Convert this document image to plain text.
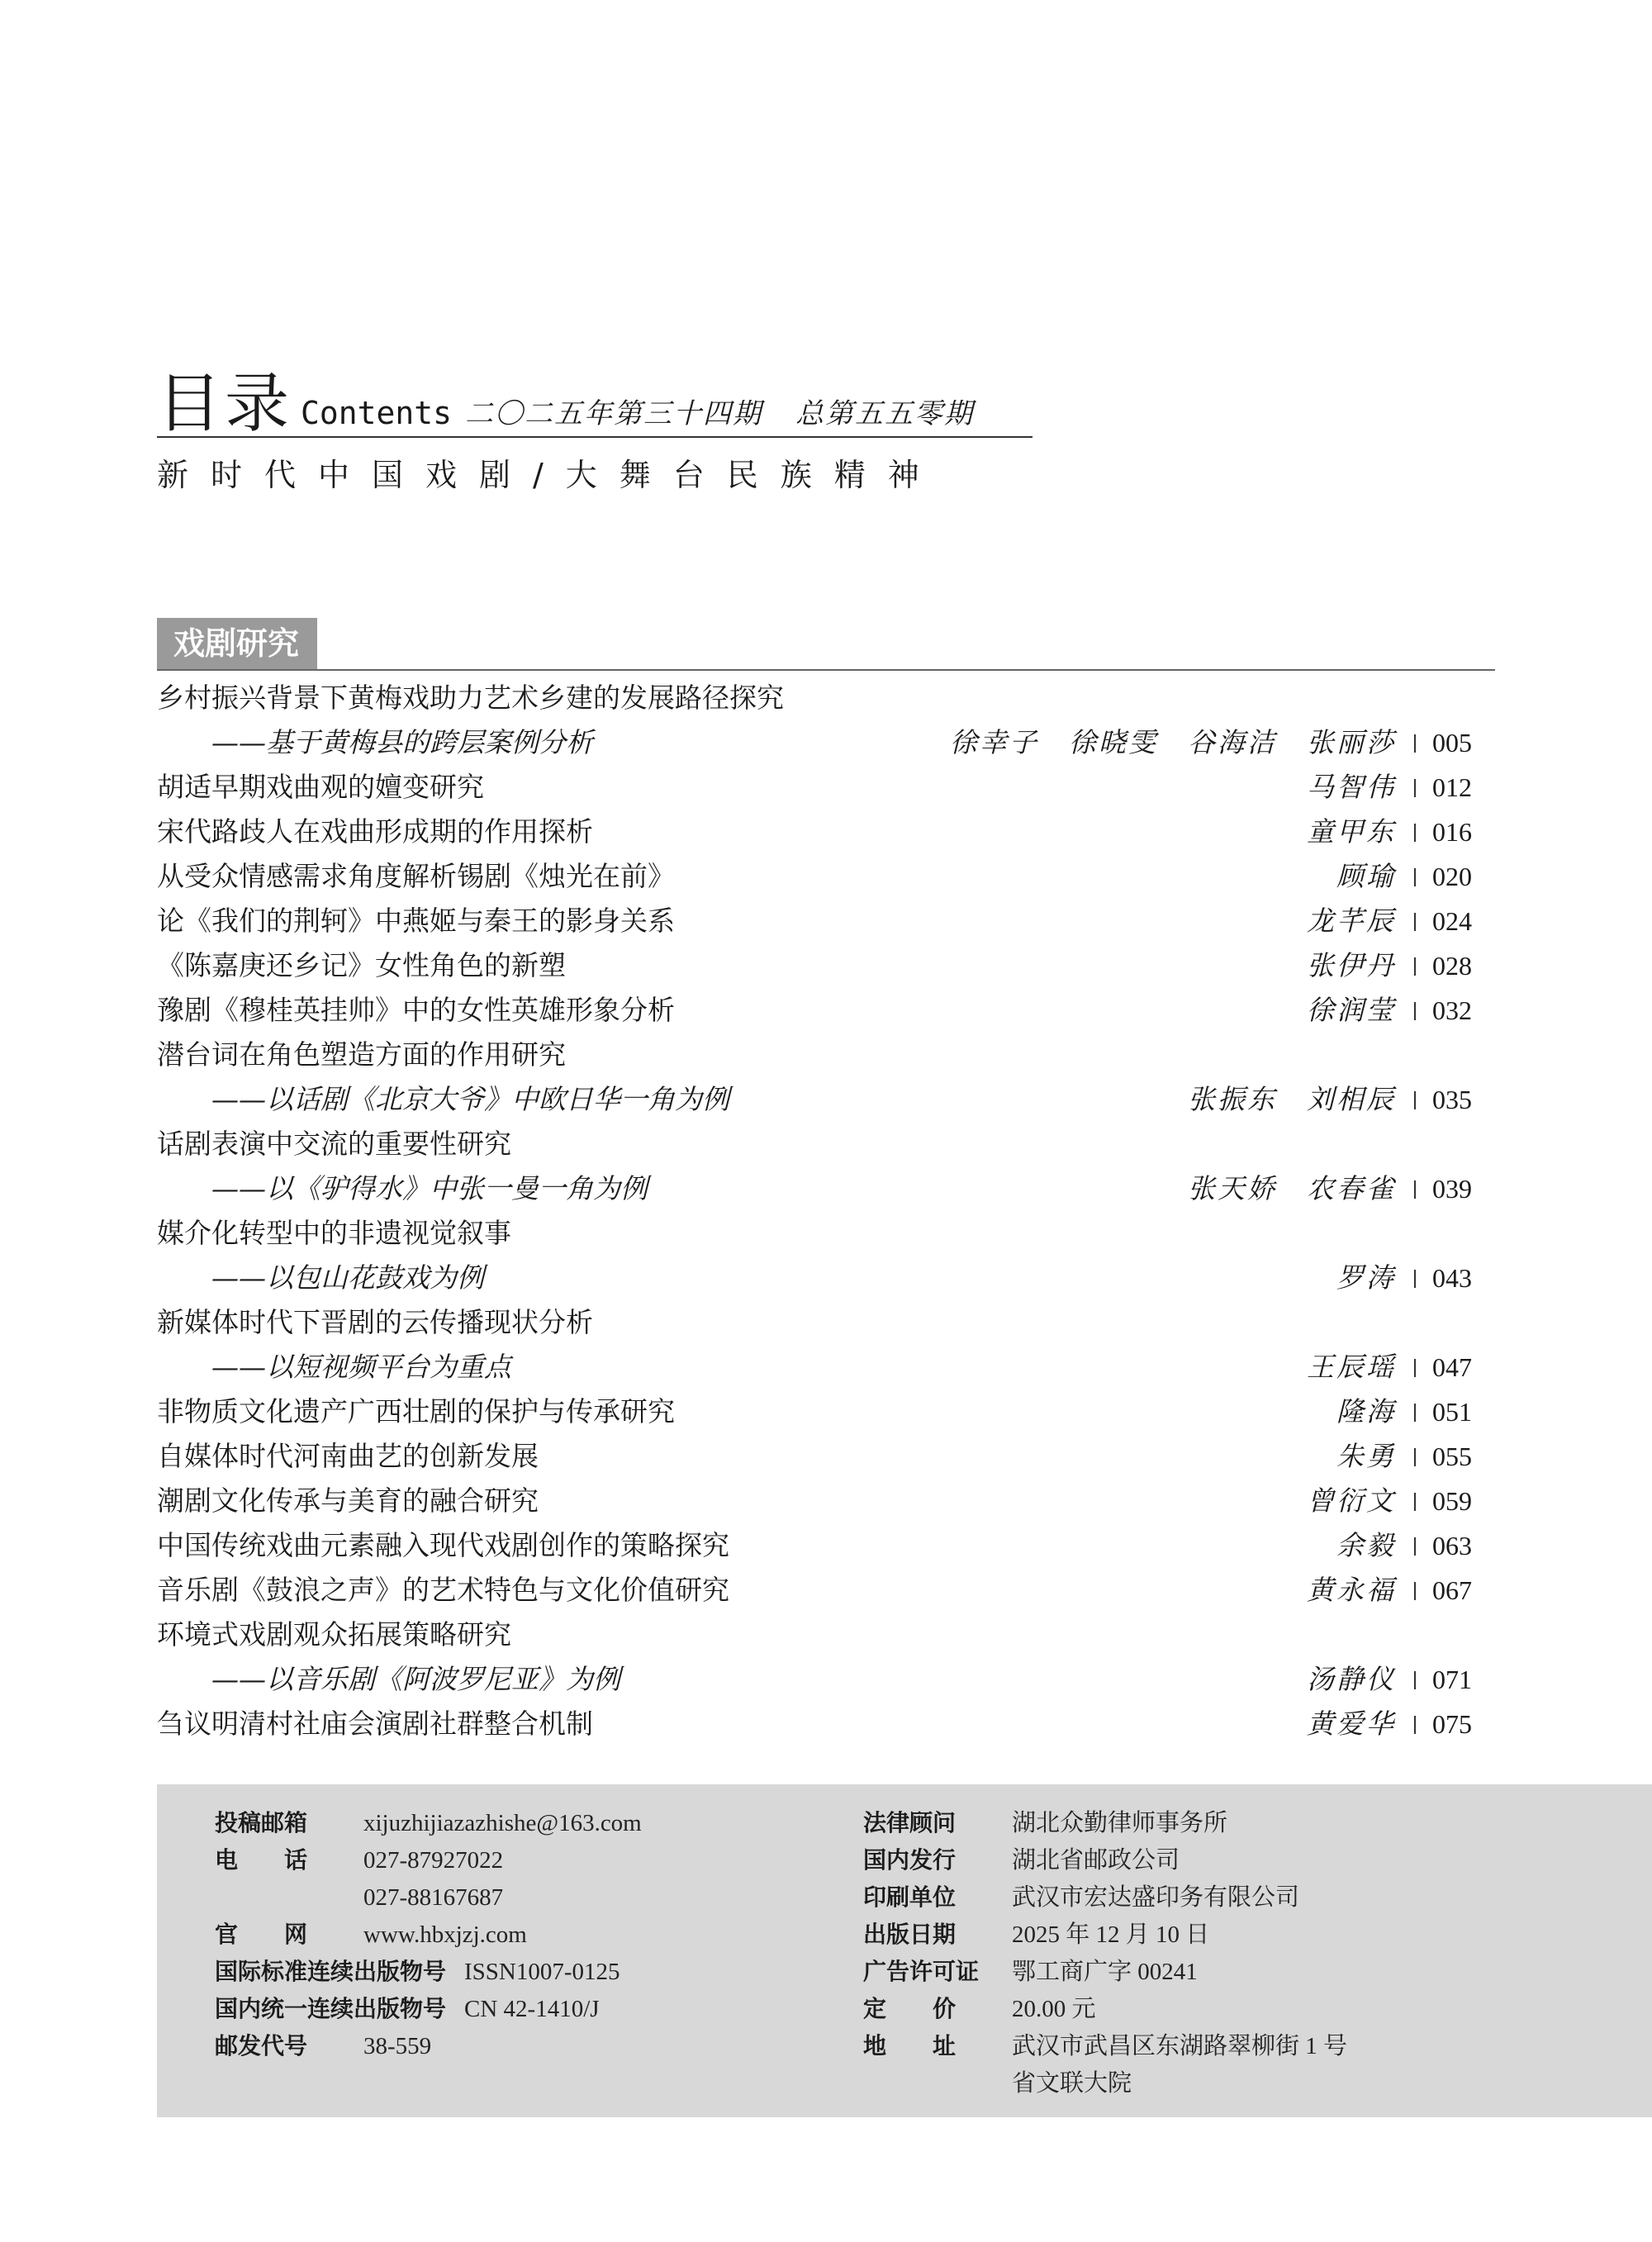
目录 Contents 二〇二五年第三十四期 总第五五零期
新时代中国戏剧/大舞台民族精神
戏剧研究
乡村振兴背景下黄梅戏助力艺术乡建的发展路径探究
——基于黄梅县的跨层案例分析	徐幸子 徐晓雯 谷海洁 张丽莎 005
胡适早期戏曲观的嬗变研究	马智伟 012
宋代路歧人在戏曲形成期的作用探析	童甲东 016
从受众情感需求角度解析锡剧《烛光在前》	顾瑜 020
论《我们的荆轲》中燕姬与秦王的影身关系	龙芊辰 024
《陈嘉庚还乡记》女性角色的新塑	张伊丹 028
豫剧《穆桂英挂帅》中的女性英雄形象分析	徐润莹 032
潜台词在角色塑造方面的作用研究
——以话剧《北京大爷》中欧日华一角为例	张振东 刘相辰 035
话剧表演中交流的重要性研究
——以《驴得水》中张一曼一角为例	张天娇 农春雀 039
媒介化转型中的非遗视觉叙事
——以包山花鼓戏为例	罗涛 043
新媒体时代下晋剧的云传播现状分析
——以短视频平台为重点	王辰瑶 047
非物质文化遗产广西壮剧的保护与传承研究	隆海 051
自媒体时代河南曲艺的创新发展	朱勇 055
潮剧文化传承与美育的融合研究	曾衍文 059
中国传统戏曲元素融入现代戏剧创作的策略探究	余毅 063
音乐剧《鼓浪之声》的艺术特色与文化价值研究	黄永福 067
环境式戏剧观众拓展策略研究
——以音乐剧《阿波罗尼亚》为例	汤静仪 071
刍议明清村社庙会演剧社群整合机制	黄爱华 075
投稿邮箱 xijuzhijiazazhishe@163.com
电　　话 027-87927022
027-88167687
官　　网 www.hbxjzj.com
国际标准连续出版物号 ISSN1007-0125
国内统一连续出版物号 CN 42-1410/J
邮发代号 38-559
法律顾问 湖北众勤律师事务所
国内发行 湖北省邮政公司
印刷单位 武汉市宏达盛印务有限公司
出版日期 2025 年 12 月 10 日
广告许可证 鄂工商广字 00241
定　　价 20.00 元
地　　址 武汉市武昌区东湖路翠柳街 1 号
省文联大院
